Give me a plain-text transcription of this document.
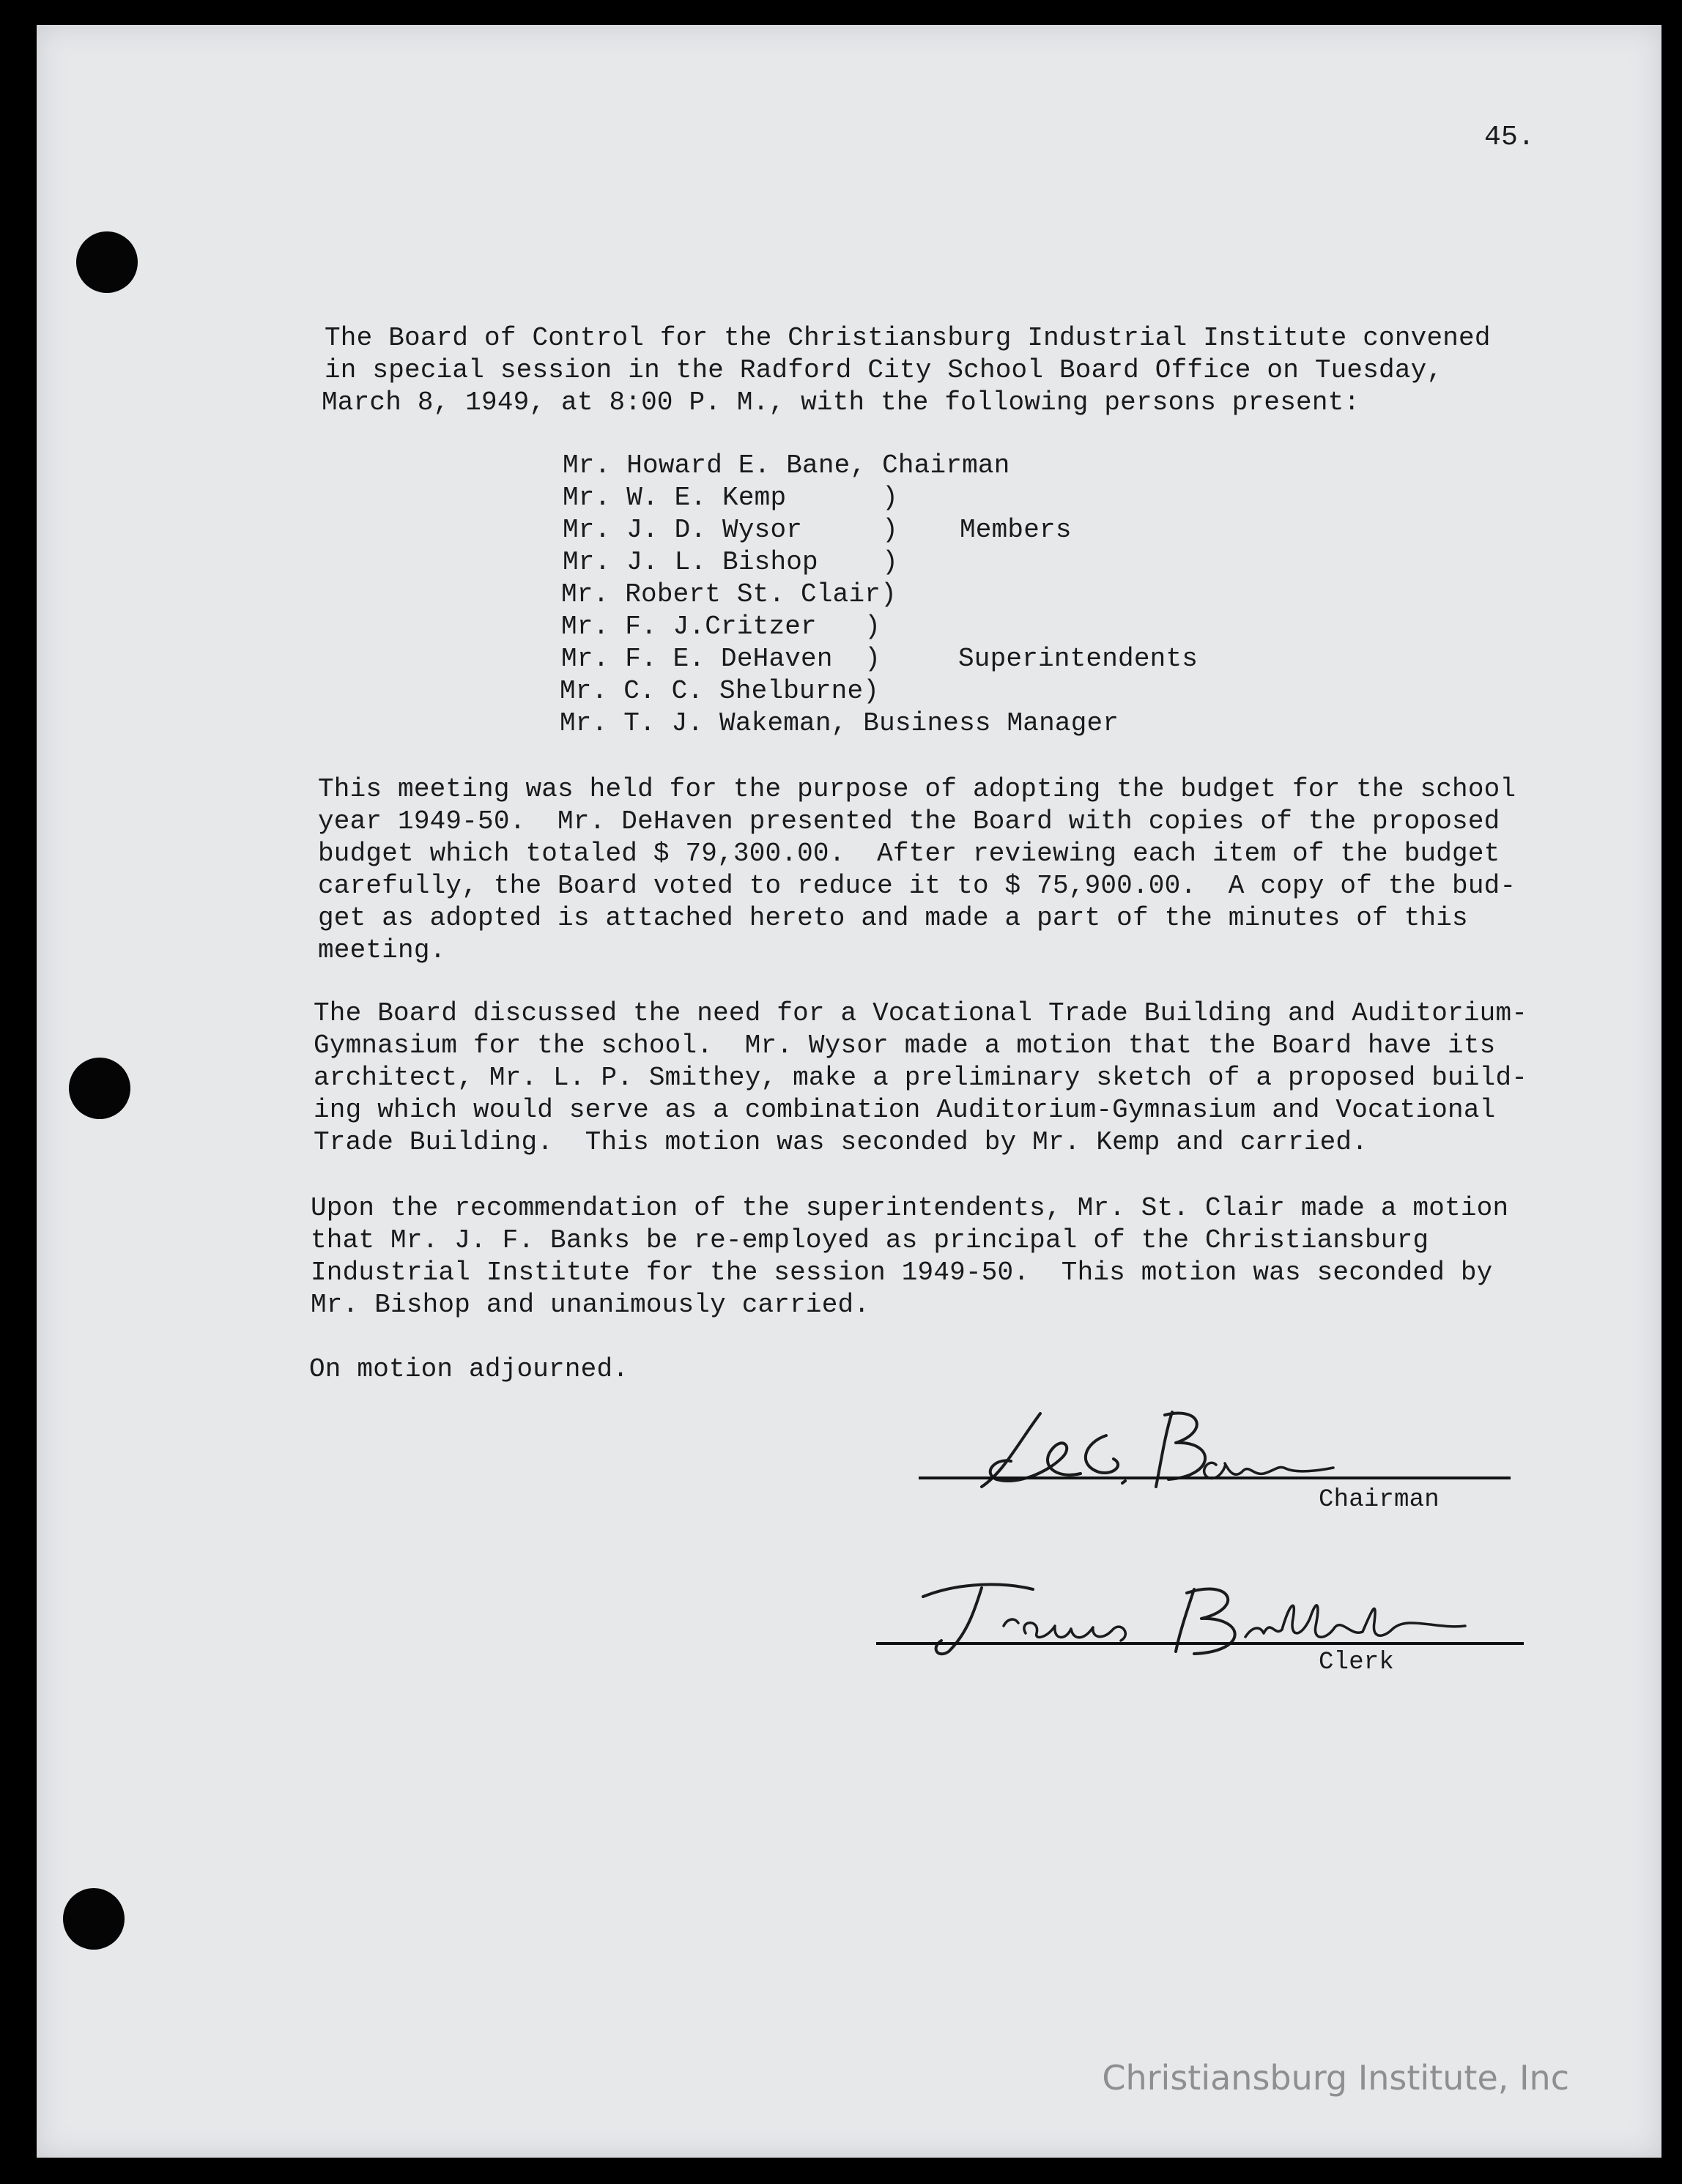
45.
The Board of Control for the Christiansburg Industrial Institute convened
in special session in the Radford City School Board Office on Tuesday,
March 8, 1949, at 8:00 P. M., with the following persons present:
Mr. Howard E. Bane, Chairman
Mr. W. E. Kemp      )
Mr. J. D. Wysor     )
Mr. J. L. Bishop    )
Mr. Robert St. Clair)
Mr. F. J.Critzer   )
Mr. F. E. DeHaven  )
Mr. C. C. Shelburne)
Mr. T. J. Wakeman, Business Manager
Members
Superintendents
This meeting was held for the purpose of adopting the budget for the school
year 1949-50.  Mr. DeHaven presented the Board with copies of the proposed
budget which totaled $ 79,300.00.  After reviewing each item of the budget
carefully, the Board voted to reduce it to $ 75,900.00.  A copy of the bud-
get as adopted is attached hereto and made a part of the minutes of this
meeting.
The Board discussed the need for a Vocational Trade Building and Auditorium-
Gymnasium for the school.  Mr. Wysor made a motion that the Board have its
architect, Mr. L. P. Smithey, make a preliminary sketch of a proposed build-
ing which would serve as a combination Auditorium-Gymnasium and Vocational
Trade Building.  This motion was seconded by Mr. Kemp and carried.
Upon the recommendation of the superintendents, Mr. St. Clair made a motion
that Mr. J. F. Banks be re-employed as principal of the Christiansburg
Industrial Institute for the session 1949-50.  This motion was seconded by
Mr. Bishop and unanimously carried.
On motion adjourned.
Chairman
Clerk
Christiansburg Institute, Inc
